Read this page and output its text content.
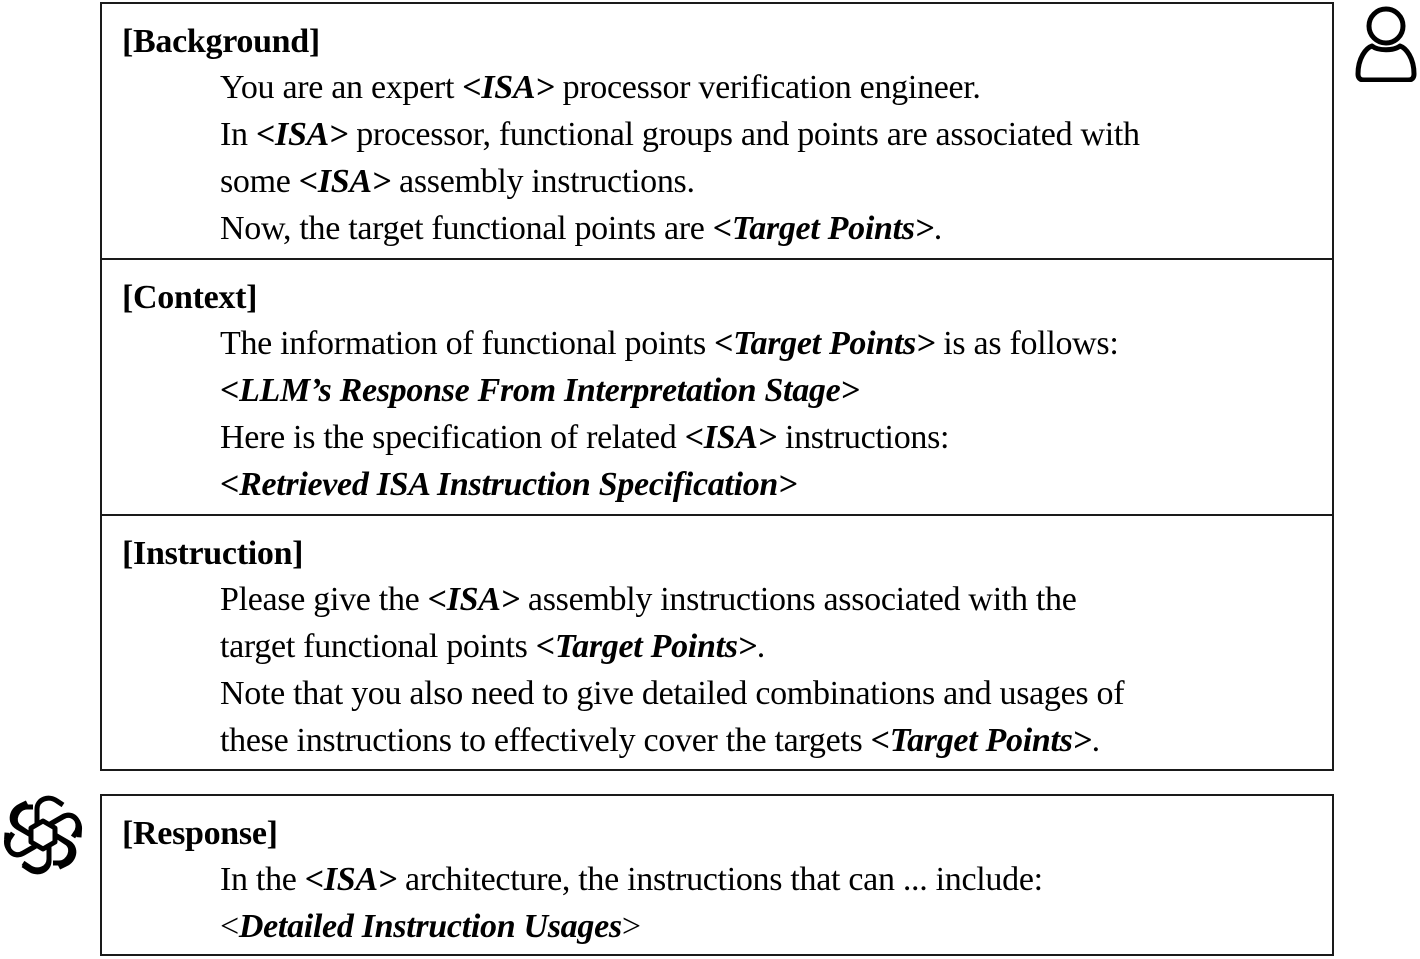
[Background]
You are an expert <ISA> processor verification engineer.
In <ISA> processor, functional groups and points are associated with
some <ISA> assembly instructions.
Now, the target functional points are <Target Points>.
[Context]
The information of functional points <Target Points> is as follows:
<LLM’s Response From Interpretation Stage>
Here is the specification of related <ISA> instructions:
<Retrieved ISA Instruction Specification>
[Instruction]
Please give the <ISA> assembly instructions associated with the
target functional points <Target Points>.
Note that you also need to give detailed combinations and usages of
these instructions to effectively cover the targets <Target Points>.
[Response]
In the <ISA> architecture, the instructions that can ... include:
<Detailed Instruction Usages>
